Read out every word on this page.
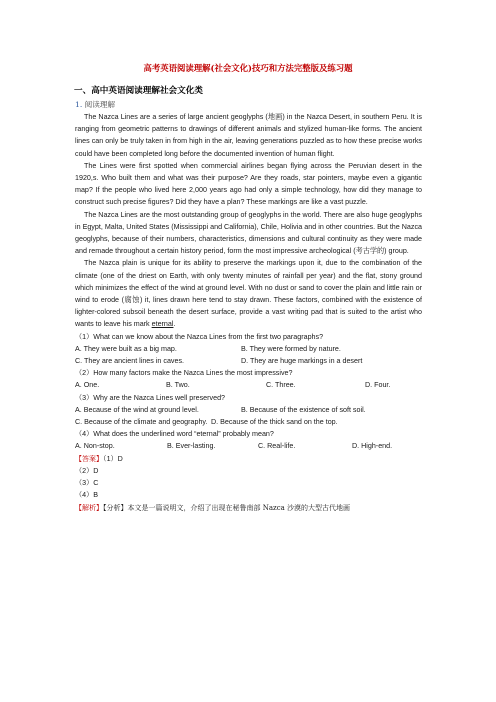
高考英语阅读理解(社会文化)技巧和方法完整版及练习题
一、高中英语阅读理解社会文化类
1. 阅读理解

The Nazca Lines are a series of large ancient geoglyphs (地画) in the Nazca Desert, in southern Peru. It is ranging from geometric patterns to drawings of different animals and stylized human-like forms. The ancient lines can only be truly taken in from high in the air, leaving generations puzzled as to how these precise works could have been completed long before the documented invention of human flight.

The Lines were first spotted when commercial airlines began flying across the Peruvian desert in the 1920,s. Who built them and what was their purpose? Are they roads, star pointers, maybe even a gigantic map? If the people who lived here 2,000 years ago had only a simple technology, how did they manage to construct such precise figures? Did they have a plan? These markings are like a vast puzzle.

The Nazca Lines are the most outstanding group of geoglyphs in the world. There are also huge geoglyphs in Egypt, Malta, United States (Mississippi and California), Chile, Holivia and in other countries. But the Nazca geoglyphs, because of their numbers, characteristics, dimensions and cultural continuity as they were made and remade throughout a certain history period, form the most impressive archeological (考古学的) group.

The Nazca plain is unique for its ability to preserve the markings upon it, due to the combination of the climate (one of the driest on Earth, with only twenty minutes of rainfall per year) and the flat, stony ground which minimizes the effect of the wind at ground level. With no dust or sand to cover the plain and little rain or wind to erode (腐蚀) it, lines drawn here tend to stay drawn. These factors, combined with the existence of lighter-colored subsoil beneath the desert surface, provide a vast writing pad that is suited to the artist who wants to leave his mark eternal.

（1）What can we know about the Nazca Lines from the first two paragraphs?
A. They were built as a big map.	B. They were formed by nature.
C. They are ancient lines in caves.	D. They are huge markings in a desert
（2）How many factors make the Nazca Lines the most impressive?
A. One.	B. Two.	C. Three.	D. Four.
（3）Why are the Nazca Lines well preserved?
A. Because of the wind at ground level.	B. Because of the existence of soft soil.
C. Because of the climate and geography. D. Because of the thick sand on the top.
（4）What does the underlined word “eternal” probably mean?
A. Non-stop.	B. Ever-lasting.	C. Real-life.	D. High-end.
【答案】（1）D
（2）D
（3）C
（4）B
【解析】【分析】本文是一篇说明文，介绍了出现在秘鲁南部 Nazca 沙漠的大型古代地画
